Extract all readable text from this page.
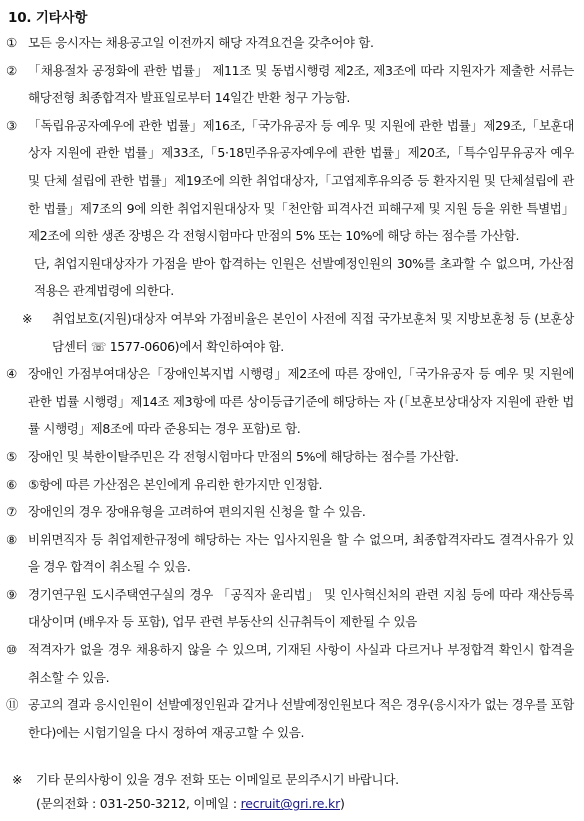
10. 기타사항
① 모든 응시자는 채용공고일 이전까지 해당 자격요건을 갖추어야 함.
② 「채용절차 공정화에 관한 법률」 제11조 및 동법시행령 제2조, 제3조에 따라 지원자가 제출한 서류는 해당전형 최종합격자 발표일로부터 14일간 반환 청구 가능함.
③ 「독립유공자예우에 관한 법률」제16조,「국가유공자 등 예우 및 지원에 관한 법률」제29조,「보훈대상자 지원에 관한 법률」제33조,「5·18민주유공자예우에 관한 법률」제20조,「특수임무유공자 예우 및 단체 설립에 관한 법률」제19조에 의한 취업대상자,「고엽제후유의증 등 환자지원 및 단체설립에 관한 법률」제7조의 9에 의한 취업지원대상자 및「천안함 피격사건 피해구제 및 지원 등을 위한 특별법」제2조에 의한 생존 장병은 각 전형시험마다 만점의 5% 또는 10%에 해당 하는 점수를 가산함.
단, 취업지원대상자가 가점을 받아 합격하는 인원은 선발예정인원의 30%를 초과할 수 없으며, 가산점 적용은 관계법령에 의한다.
※	취업보호(지원)대상자 여부와 가점비율은 본인이 사전에 직접 국가보훈처 및 지방보훈청 등 (보훈상담센터 ☏ 1577-0606)에서 확인하여야 함.
④ 장애인 가점부여대상은「장애인복지법 시행령」제2조에 따른 장애인,「국가유공자 등 예우 및 지원에 관한 법률 시행령」제14조 제3항에 따른 상이등급기준에 해당하는 자 (「보훈보상대상자 지원에 관한 법률 시행령」제8조에 따라 준용되는 경우 포함)로 함.
⑤ 장애인 및 북한이탈주민은 각 전형시험마다 만점의 5%에 해당하는 점수를 가산함.
⑥ ⑤항에 따른 가산점은 본인에게 유리한 한가지만 인정함.
⑦ 장애인의 경우 장애유형을 고려하여 편의지원 신청을 할 수 있음.
⑧ 비위면직자 등 취업제한규정에 해당하는 자는 입사지원을 할 수 없으며, 최종합격자라도 결격사유가 있을 경우 합격이 취소될 수 있음.
⑨ 경기연구원 도시주택연구실의 경우 「공직자 윤리법」 및 인사혁신처의 관련 지침 등에 따라 재산등록 대상이며 (배우자 등 포함), 업무 관련 부동산의 신규취득이 제한될 수 있음
⑩ 적격자가 없을 경우 채용하지 않을 수 있으며, 기재된 사항이 사실과 다르거나 부정합격 확인시 합격을 취소할 수 있음.
⑪ 공고의 결과 응시인원이 선발예정인원과 같거나 선발예정인원보다 적은 경우(응시자가 없는 경우를 포함한다)에는 시험기일을 다시 정하여 재공고할 수 있음.
※	기타 문의사항이 있을 경우 전화 또는 이메일로 문의주시기 바랍니다.
(문의전화 : 031-250-3212, 이메일 : recruit@gri.re.kr)
